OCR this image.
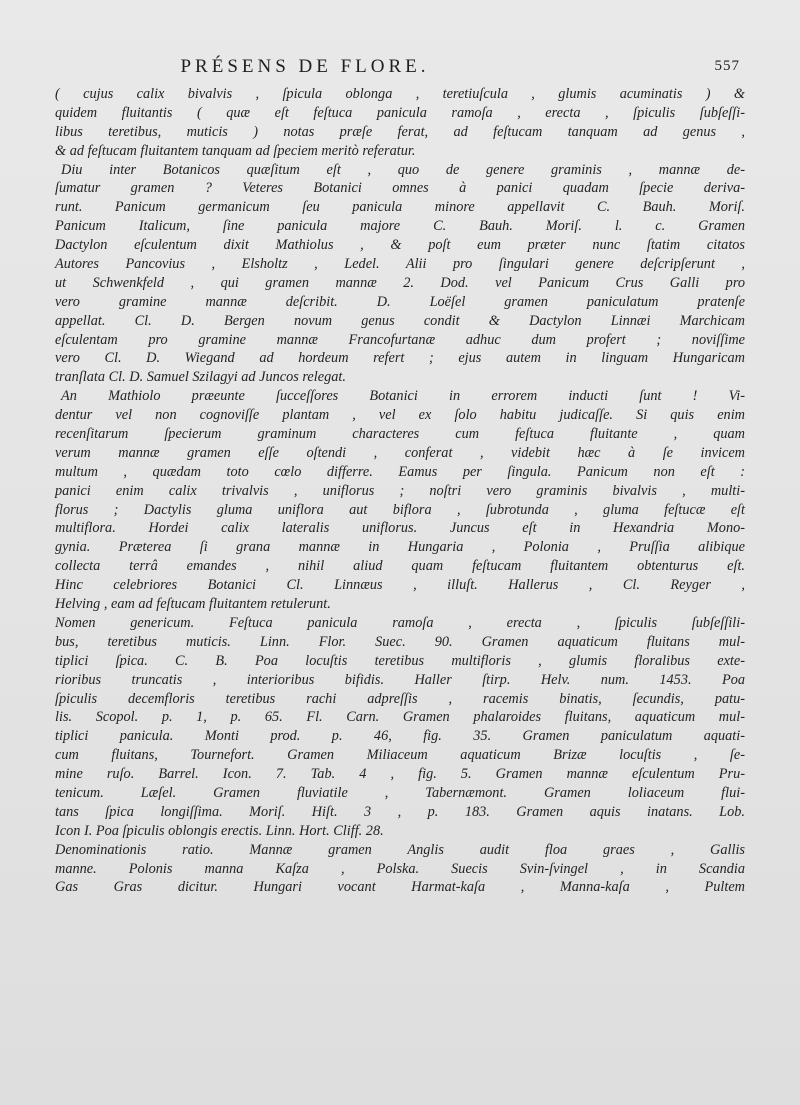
PRÉSENS DE FLORE.	557
( cujus calix bivalvis , ſpicula oblonga , teretiuſcula , glumis acuminatis ) &
quidem fluitantis ( quæ eſt feſtuca panicula ramoſa , erecta , ſpiculis ſubſeſſi-
libus teretibus, muticis ) notas præſe ferat, ad feſtucam tanquam ad genus ,
& ad feſtucam fluitantem tanquam ad ſpeciem meritò referatur.
Diu inter Botanicos quæſitum eſt , quo de genere graminis , mannæ de-
ſumatur gramen ? Veteres Botanici omnes à panici quadam ſpecie deriva-
runt. Panicum germanicum ſeu panicula minore appellavit C. Bauh. Moriſ.
Panicum Italicum, ſine panicula majore C. Bauh. Moriſ. l. c. Gramen
Dactylon eſculentum dixit Mathiolus , & poſt eum præter nunc ſtatim citatos
Autores Pancovius , Elsholtz , Ledel. Alii pro ſingulari genere deſcripſerunt ,
ut Schwenkfeld , qui gramen mannæ 2. Dod. vel Panicum Crus Galli pro
vero gramine mannæ deſcribit. D. Loëſel gramen paniculatum pratenſe
appellat. Cl. D. Bergen novum genus condit & Dactylon Linnæi Marchicam
eſculentam pro gramine mannæ Francofurtanæ adhuc dum profert ; noviſſime
vero Cl. D. Wiegand ad hordeum refert ; ejus autem in linguam Hungaricam
tranſlata Cl. D. Samuel Szilagyi ad Juncos relegat.
An Mathiolo præeunte ſucceſſores Botanici in errorem inducti ſunt ! Vi-
dentur vel non cognoviſſe plantam , vel ex ſolo habitu judicaſſe. Si quis enim
recenſitarum ſpecierum graminum characteres cum feſtuca fluitante , quam
verum mannæ gramen eſſe oſtendi , conferat , videbit hæc à ſe invicem
multum , quædam toto cœlo differre. Eamus per ſingula. Panicum non eſt :
panici enim calix trivalvis , uniflorus ; noſtri vero graminis bivalvis , multi-
florus ; Dactylis gluma uniflora aut biflora , ſubrotunda , gluma feſtucæ eſt
multiflora. Hordei calix lateralis uniflorus. Juncus eſt in Hexandria Mono-
gynia. Præterea ſi grana mannæ in Hungaria , Polonia , Pruſſia alibique
collecta terrâ emandes , nihil aliud quam feſtucam fluitantem obtenturus eſt.
Hinc celebriores Botanici Cl. Linnæus , illuſt. Hallerus , Cl. Reyger ,
Helving , eam ad feſtucam fluitantem retulerunt.
Nomen genericum. Feſtuca panicula ramoſa , erecta , ſpiculis ſubſeſſili-
bus, teretibus muticis. Linn. Flor. Suec. 90. Gramen aquaticum fluitans mul-
tiplici ſpica. C. B. Poa locuſtis teretibus multifloris , glumis floralibus exte-
rioribus truncatis , interioribus bifidis. Haller ſtirp. Helv. num. 1453. Poa
ſpiculis decemfloris teretibus rachi adpreſſis , racemis binatis, ſecundis, patu-
lis. Scopol. p. 1, p. 65. Fl. Carn. Gramen phalaroides fluitans, aquaticum mul-
tiplici panicula. Monti prod. p. 46, fig. 35. Gramen paniculatum aquati-
cum fluitans, Tournefort. Gramen Miliaceum aquaticum Brizæ locuſtis , ſe-
mine ruſo. Barrel. Icon. 7. Tab. 4 , fig. 5. Gramen mannæ eſculentum Pru-
tenicum. Læſel. Gramen fluviatile , Tabernæmont. Gramen loliaceum flui-
tans ſpica longiſſima. Moriſ. Hiſt. 3 , p. 183. Gramen aquis inatans. Lob.
Icon I. Poa ſpiculis oblongis erectis. Linn. Hort. Cliff. 28.
Denominationis ratio. Mannæ gramen Anglis audit floa graes , Gallis
manne. Polonis manna Kaſza , Polska. Suecis Svin-ſvingel , in Scandia
Gas Gras dicitur. Hungari vocant Harmat-kaſa , Manna-kaſa , Pultem
